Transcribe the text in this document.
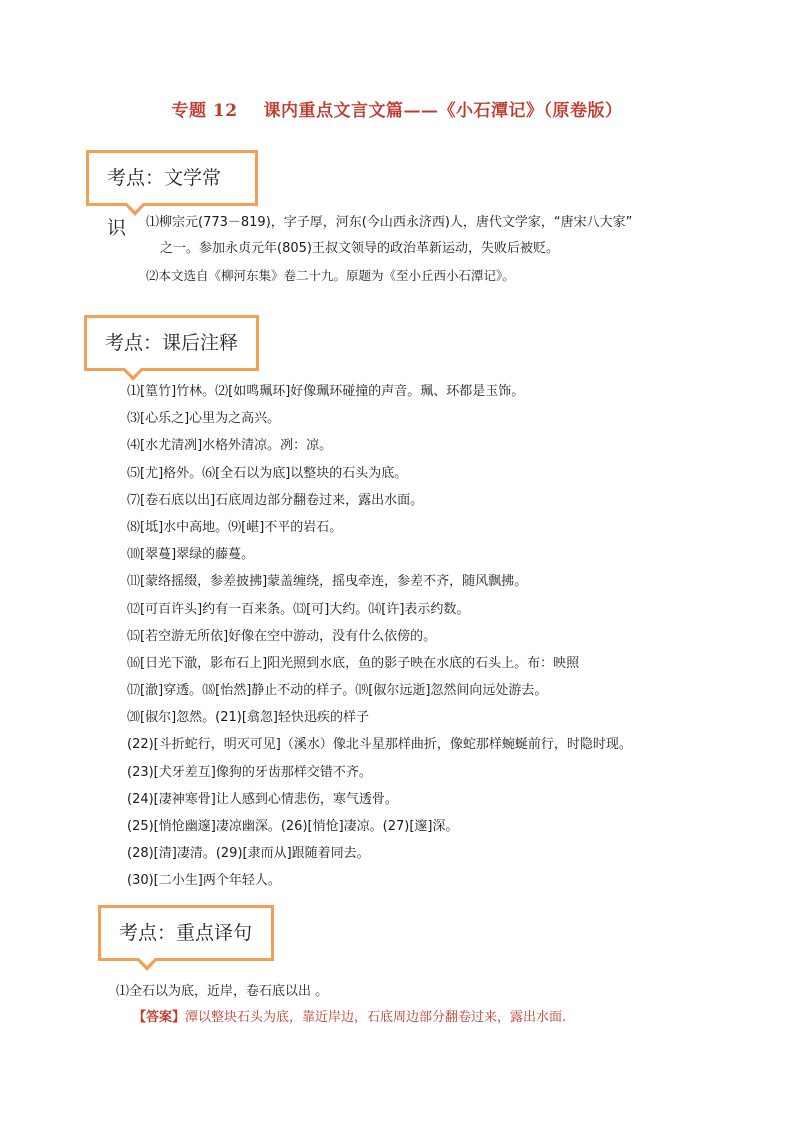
专题 12 课内重点文言文篇——《小石潭记》（原卷版）
考点：文学常识	⑴柳宗元(773－819)，字子厚，河东(今山西永济西)人，唐代文学家，“唐宋八大家”
之一。参加永贞元年(805)王叔文领导的政治革新运动，失败后被贬。
⑵本文选自《柳河东集》卷二十九。原题为《至小丘西小石潭记》。
考点：课后注释
⑴[篁竹]竹林。⑵[如鸣珮环]好像珮环碰撞的声音。珮、环都是玉饰。
⑶[心乐之]心里为之高兴。
⑷[水尤清冽]水格外清凉。冽：凉。
⑸[尤]格外。⑹[全石以为底]以整块的石头为底。
⑺[卷石底以出]石底周边部分翻卷过来，露出水面。
⑻[坻]水中高地。⑼[嵁]不平的岩石。
⑽[翠蔓]翠绿的藤蔓。
⑾[蒙络摇缀，参差披拂]蒙盖缠绕，摇曳牵连，参差不齐，随风飘拂。
⑿[可百许头]约有一百来条。⒀[可]大约。⒁[许]表示约数。
⒂[若空游无所依]好像在空中游动，没有什么依傍的。
⒃[日光下澈，影布石上]阳光照到水底，鱼的影子映在水底的石头上。布：映照
⒄[澈]穿透。⒅[怡然]静止不动的样子。⒆[俶尔远逝]忽然间向远处游去。
⒇[俶尔]忽然。(21)[翕忽]轻快迅疾的样子
(22)[斗折蛇行，明灭可见]（溪水）像北斗星那样曲折，像蛇那样蜿蜒前行，时隐时现。
(23)[犬牙差互]像狗的牙齿那样交错不齐。
(24)[凄神寒骨]让人感到心情悲伤，寒气透骨。
(25)[悄怆幽邃]凄凉幽深。(26)[悄怆]凄凉。(27)[邃]深。
(28)[清]凄清。(29)[隶而从]跟随着同去。
(30)[二小生]两个年轻人。
考点：重点译句
⑴全石以为底，近岸，卷石底以出 。
【答案】潭以整块石头为底，靠近岸边，石底周边部分翻卷过来，露出水面.
